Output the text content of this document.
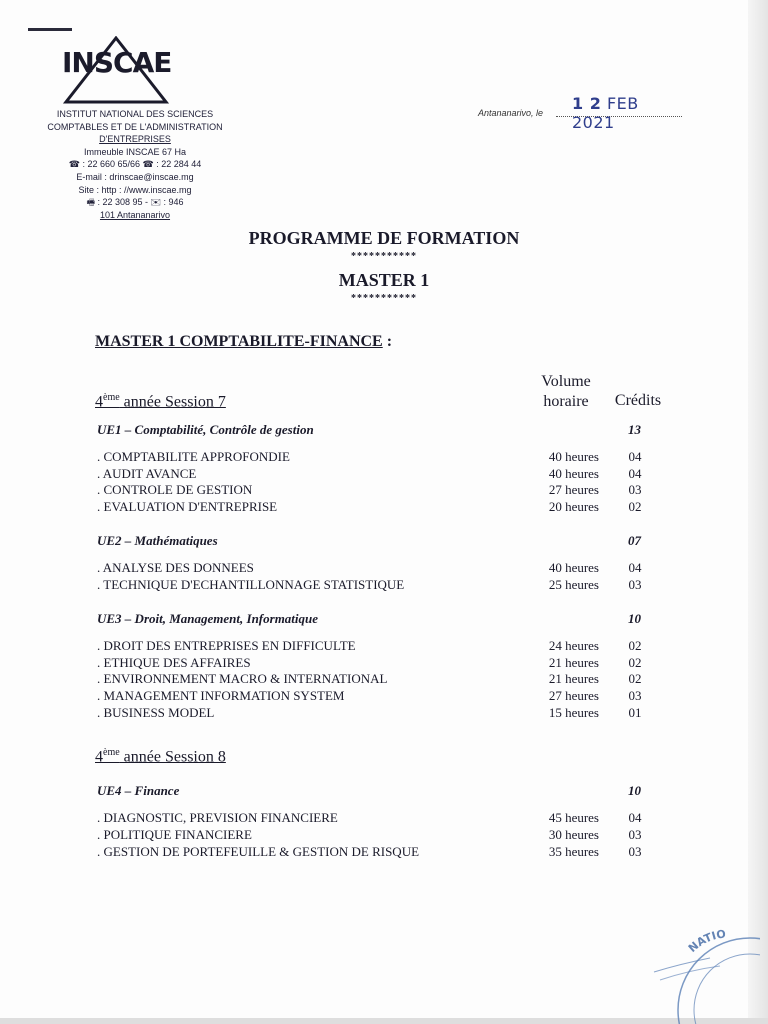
INSCAE
INSTITUT NATIONAL DES SCIENCES
COMPTABLES ET DE L'ADMINISTRATION
D'ENTREPRISES
Immeuble INSCAE 67 Ha
☎ : 22 660 65/66 ☎ : 22 284 44
E-mail : drinscae@inscae.mg
Site : http : //www.inscae.mg
🖷 : 22 308 95 - ✉ : 946
101 Antananarivo
Antananarivo, le 1 2 FEB 2021
PROGRAMME DE FORMATION
***********
MASTER 1
***********
MASTER 1 COMPTABILITE-FINANCE :
Volume
horaire	Crédits
4ème année Session 7
UE1 – Comptabilité, Contrôle de gestion	13
. COMPTABILITE APPROFONDIE	40 heures	04
. AUDIT AVANCE	40 heures	04
. CONTROLE DE GESTION	27 heures	03
. EVALUATION D'ENTREPRISE	20 heures	02
UE2 – Mathématiques	07
. ANALYSE DES DONNEES	40 heures	04
. TECHNIQUE D'ECHANTILLONNAGE STATISTIQUE	25 heures	03
UE3 – Droit, Management, Informatique	10
. DROIT DES ENTREPRISES EN DIFFICULTE	24 heures	02
. ETHIQUE DES AFFAIRES	21 heures	02
. ENVIRONNEMENT MACRO & INTERNATIONAL	21 heures	02
. MANAGEMENT INFORMATION SYSTEM	27 heures	03
. BUSINESS MODEL	15 heures	01
4ème année Session 8
UE4 – Finance	10
. DIAGNOSTIC, PREVISION FINANCIERE	45 heures	04
. POLITIQUE FINANCIERE	30 heures	03
. GESTION DE PORTEFEUILLE & GESTION DE RISQUE	35 heures	03
NATIO
